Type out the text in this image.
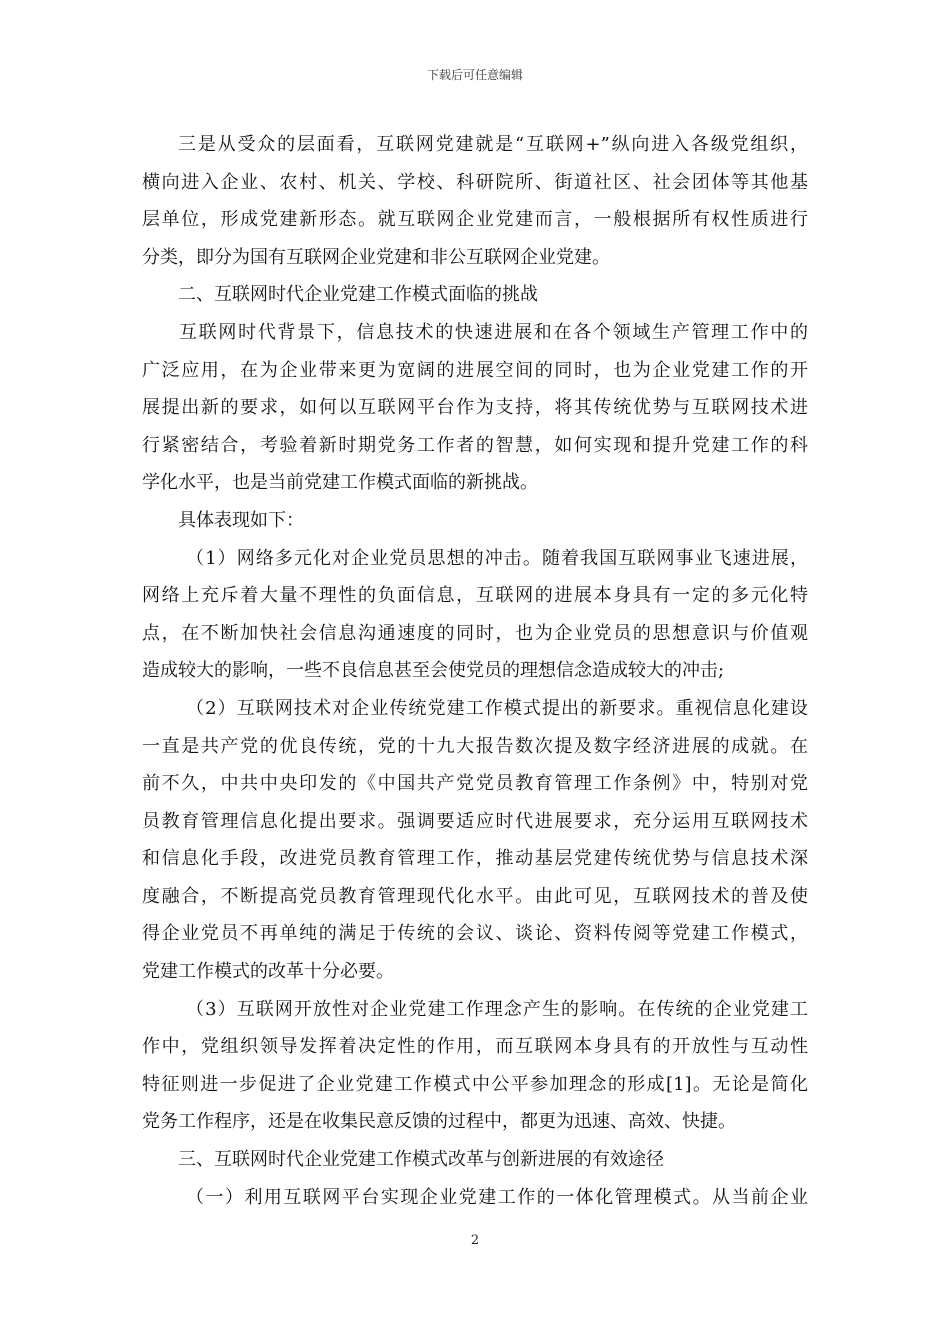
下载后可任意编辑
三是从受众的层面看，互联网党建就是“互联网+”纵向进入各级党组织，
横向进入企业、农村、机关、学校、科研院所、街道社区、社会团体等其他基
层单位，形成党建新形态。就互联网企业党建而言，一般根据所有权性质进行
分类，即分为国有互联网企业党建和非公互联网企业党建。
二、互联网时代企业党建工作模式面临的挑战
互联网时代背景下，信息技术的快速进展和在各个领域生产管理工作中的
广泛应用，在为企业带来更为宽阔的进展空间的同时，也为企业党建工作的开
展提出新的要求，如何以互联网平台作为支持，将其传统优势与互联网技术进
行紧密结合，考验着新时期党务工作者的智慧，如何实现和提升党建工作的科
学化水平，也是当前党建工作模式面临的新挑战。
具体表现如下：
（1）网络多元化对企业党员思想的冲击。随着我国互联网事业飞速进展，
网络上充斥着大量不理性的负面信息，互联网的进展本身具有一定的多元化特
点，在不断加快社会信息沟通速度的同时，也为企业党员的思想意识与价值观
造成较大的影响，一些不良信息甚至会使党员的理想信念造成较大的冲击;
（2）互联网技术对企业传统党建工作模式提出的新要求。重视信息化建设
一直是共产党的优良传统，党的十九大报告数次提及数字经济进展的成就。在
前不久，中共中央印发的《中国共产党党员教育管理工作条例》中，特别对党
员教育管理信息化提出要求。强调要适应时代进展要求，充分运用互联网技术
和信息化手段，改进党员教育管理工作，推动基层党建传统优势与信息技术深
度融合，不断提高党员教育管理现代化水平。由此可见，互联网技术的普及使
得企业党员不再单纯的满足于传统的会议、谈论、资料传阅等党建工作模式，
党建工作模式的改革十分必要。
（3）互联网开放性对企业党建工作理念产生的影响。在传统的企业党建工
作中，党组织领导发挥着决定性的作用，而互联网本身具有的开放性与互动性
特征则进一步促进了企业党建工作模式中公平参加理念的形成[1]。无论是简化
党务工作程序，还是在收集民意反馈的过程中，都更为迅速、高效、快捷。
三、互联网时代企业党建工作模式改革与创新进展的有效途径
（一）利用互联网平台实现企业党建工作的一体化管理模式。从当前企业
2
